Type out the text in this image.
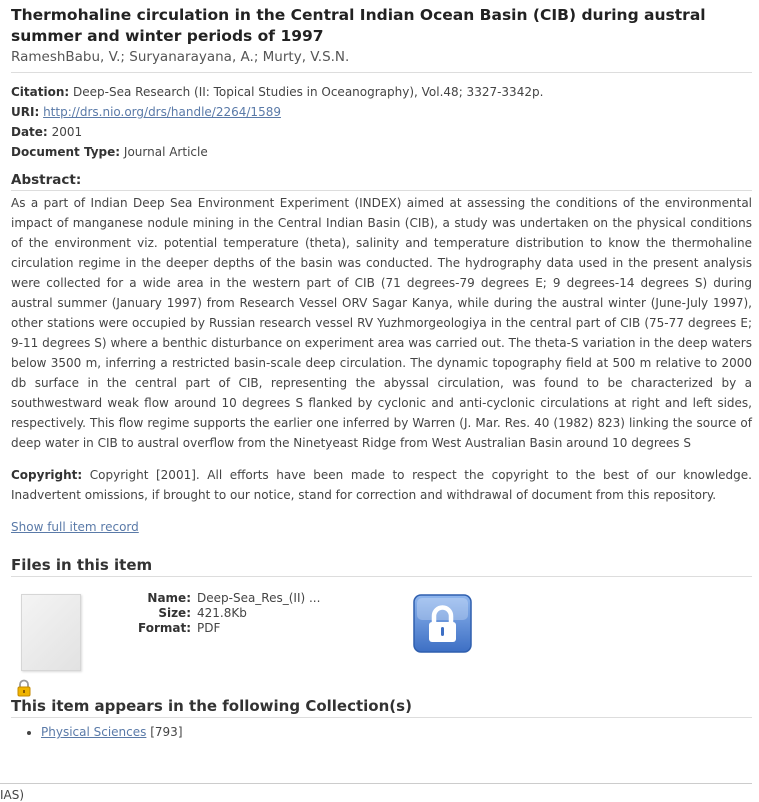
Thermohaline circulation in the Central Indian Ocean Basin (CIB) during austral summer and winter periods of 1997
RameshBabu, V.; Suryanarayana, A.; Murty, V.S.N.
Citation: Deep-Sea Research (II: Topical Studies in Oceanography), Vol.48; 3327-3342p.
URI: http://drs.nio.org/drs/handle/2264/1589
Date: 2001
Document Type: Journal Article
Abstract:

As a part of Indian Deep Sea Environment Experiment (INDEX) aimed at assessing the conditions of the environmental impact of manganese nodule mining in the Central Indian Basin (CIB), a study was undertaken on the physical conditions of the environment viz. potential temperature (theta), salinity and temperature distribution to know the thermohaline circulation regime in the deeper depths of the basin was conducted. The hydrography data used in the present analysis were collected for a wide area in the western part of CIB (71 degrees-79 degrees E; 9 degrees-14 degrees S) during austral summer (January 1997) from Research Vessel ORV Sagar Kanya, while during the austral winter (June-July 1997), other stations were occupied by Russian research vessel RV Yuzhmorgeologiya in the central part of CIB (75-77 degrees E; 9-11 degrees S) where a benthic disturbance on experiment area was carried out. The theta-S variation in the deep waters below 3500 m, inferring a restricted basin-scale deep circulation. The dynamic topography field at 500 m relative to 2000 db surface in the central part of CIB, representing the abyssal circulation, was found to be characterized by a southwestward weak flow around 10 degrees S flanked by cyclonic and anti-cyclonic circulations at right and left sides, respectively. This flow regime supports the earlier one inferred by Warren (J. Mar. Res. 40 (1982) 823) linking the source of deep water in CIB to austral overflow from the Ninetyeast Ridge from West Australian Basin around 10 degrees S

Copyright: Copyright [2001]. All efforts have been made to respect the copyright to the best of our knowledge. Inadvertent omissions, if brought to our notice, stand for correction and withdrawal of document from this repository.
Show full item record
Files in this item
Name: Deep-Sea_Res_(II) ...
Size: 421.8Kb
Format: PDF
This item appears in the following Collection(s)
• Physical Sciences [793]
IAS)
